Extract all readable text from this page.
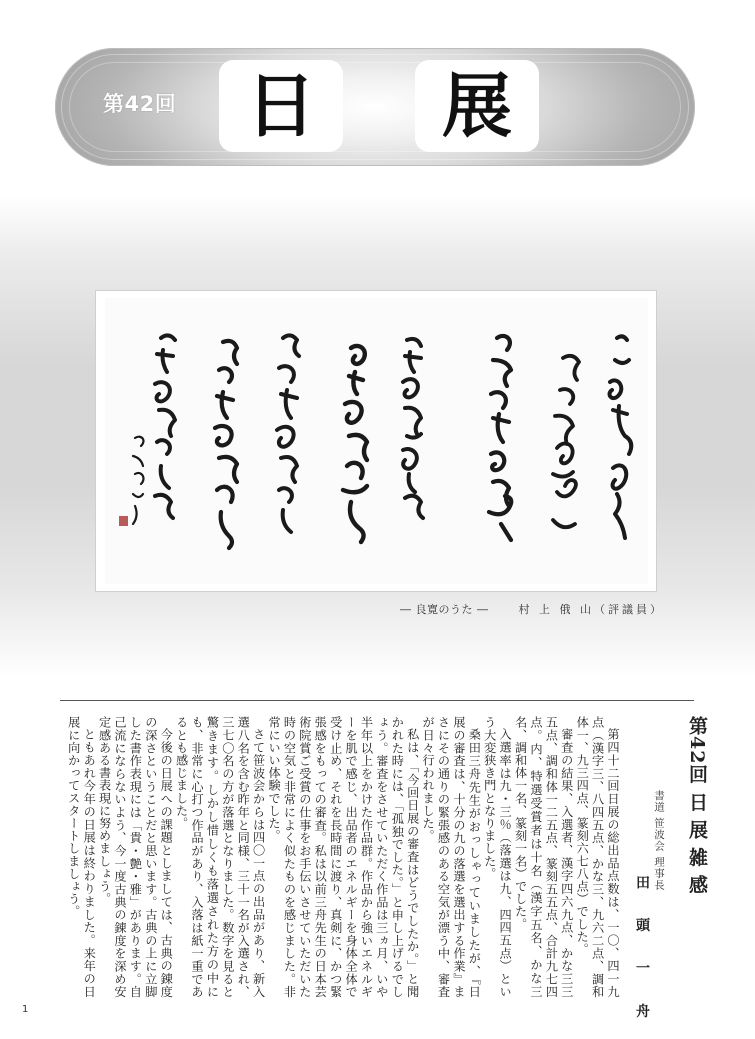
第42回 日	展
― 良寛のうた ―	村 上 俄 山（評議員）
第42回 日 展 雑 感
書道 笹波会 理事長
田 頭 一 舟

第四十二回日展の総出品点数は、一〇、四一九点（漢字三、八四五点、かな三、九六二点、調和体一、九三四点、篆刻六七八点）でした。

審査の結果、入選者、漢字四六九点、かな三三五点、調和体一二五点、篆刻五五点、合計九七四点。内、特選受賞者は十名（漢字五名、かな三名、調和体一名、篆刻一名）でした。

入選率は九・三％（落選は九、四四五点）という大変狭き門となりました。

桑田三舟先生がおっしゃっていましたが、『日展の審査は、十分の九の落選を選出する作業』まさにその通りの緊張感のある空気が漂う中、審査が日々行われました。

私は、「今回日展の審査はどうでしたか。」と聞かれた時には、「孤独でした。」と申し上げるでしょう。審査をさせていただく作品は三ヵ月、いや半年以上をかけた作品群。作品から強いエネルギーを肌で感じ、出品者のエネルギーを身体全体で受け止め、それを長時間に渡り、真剣に、かつ緊張感をもっての審査。私は以前三舟先生の日本芸術院賞ご受賞の仕事をお手伝いさせていただいた時の空気と非常によく似たものを感じました。非常にいい体験でした。

さて笹波会からは四〇一点の出品があり、新入選八名を含む昨年と同様、三十一名が入選され、三七〇名の方が落選となりました。数字を見ると驚きます。しかし惜しくも落選された方の中にも、非常に心打つ作品があり、入落は紙一重であるとも感じました。

今後の日展への課題としましては、古典の錬度の深さということだと思います。古典の上に立脚した書作表現には「貴・艶・雅」があります。自己流にならないよう、今一度古典の錬度を深め安定感ある書表現に努めましょう。

ともあれ今年の日展は終わりました。来年の日展に向かってスタートしましょう。

1
